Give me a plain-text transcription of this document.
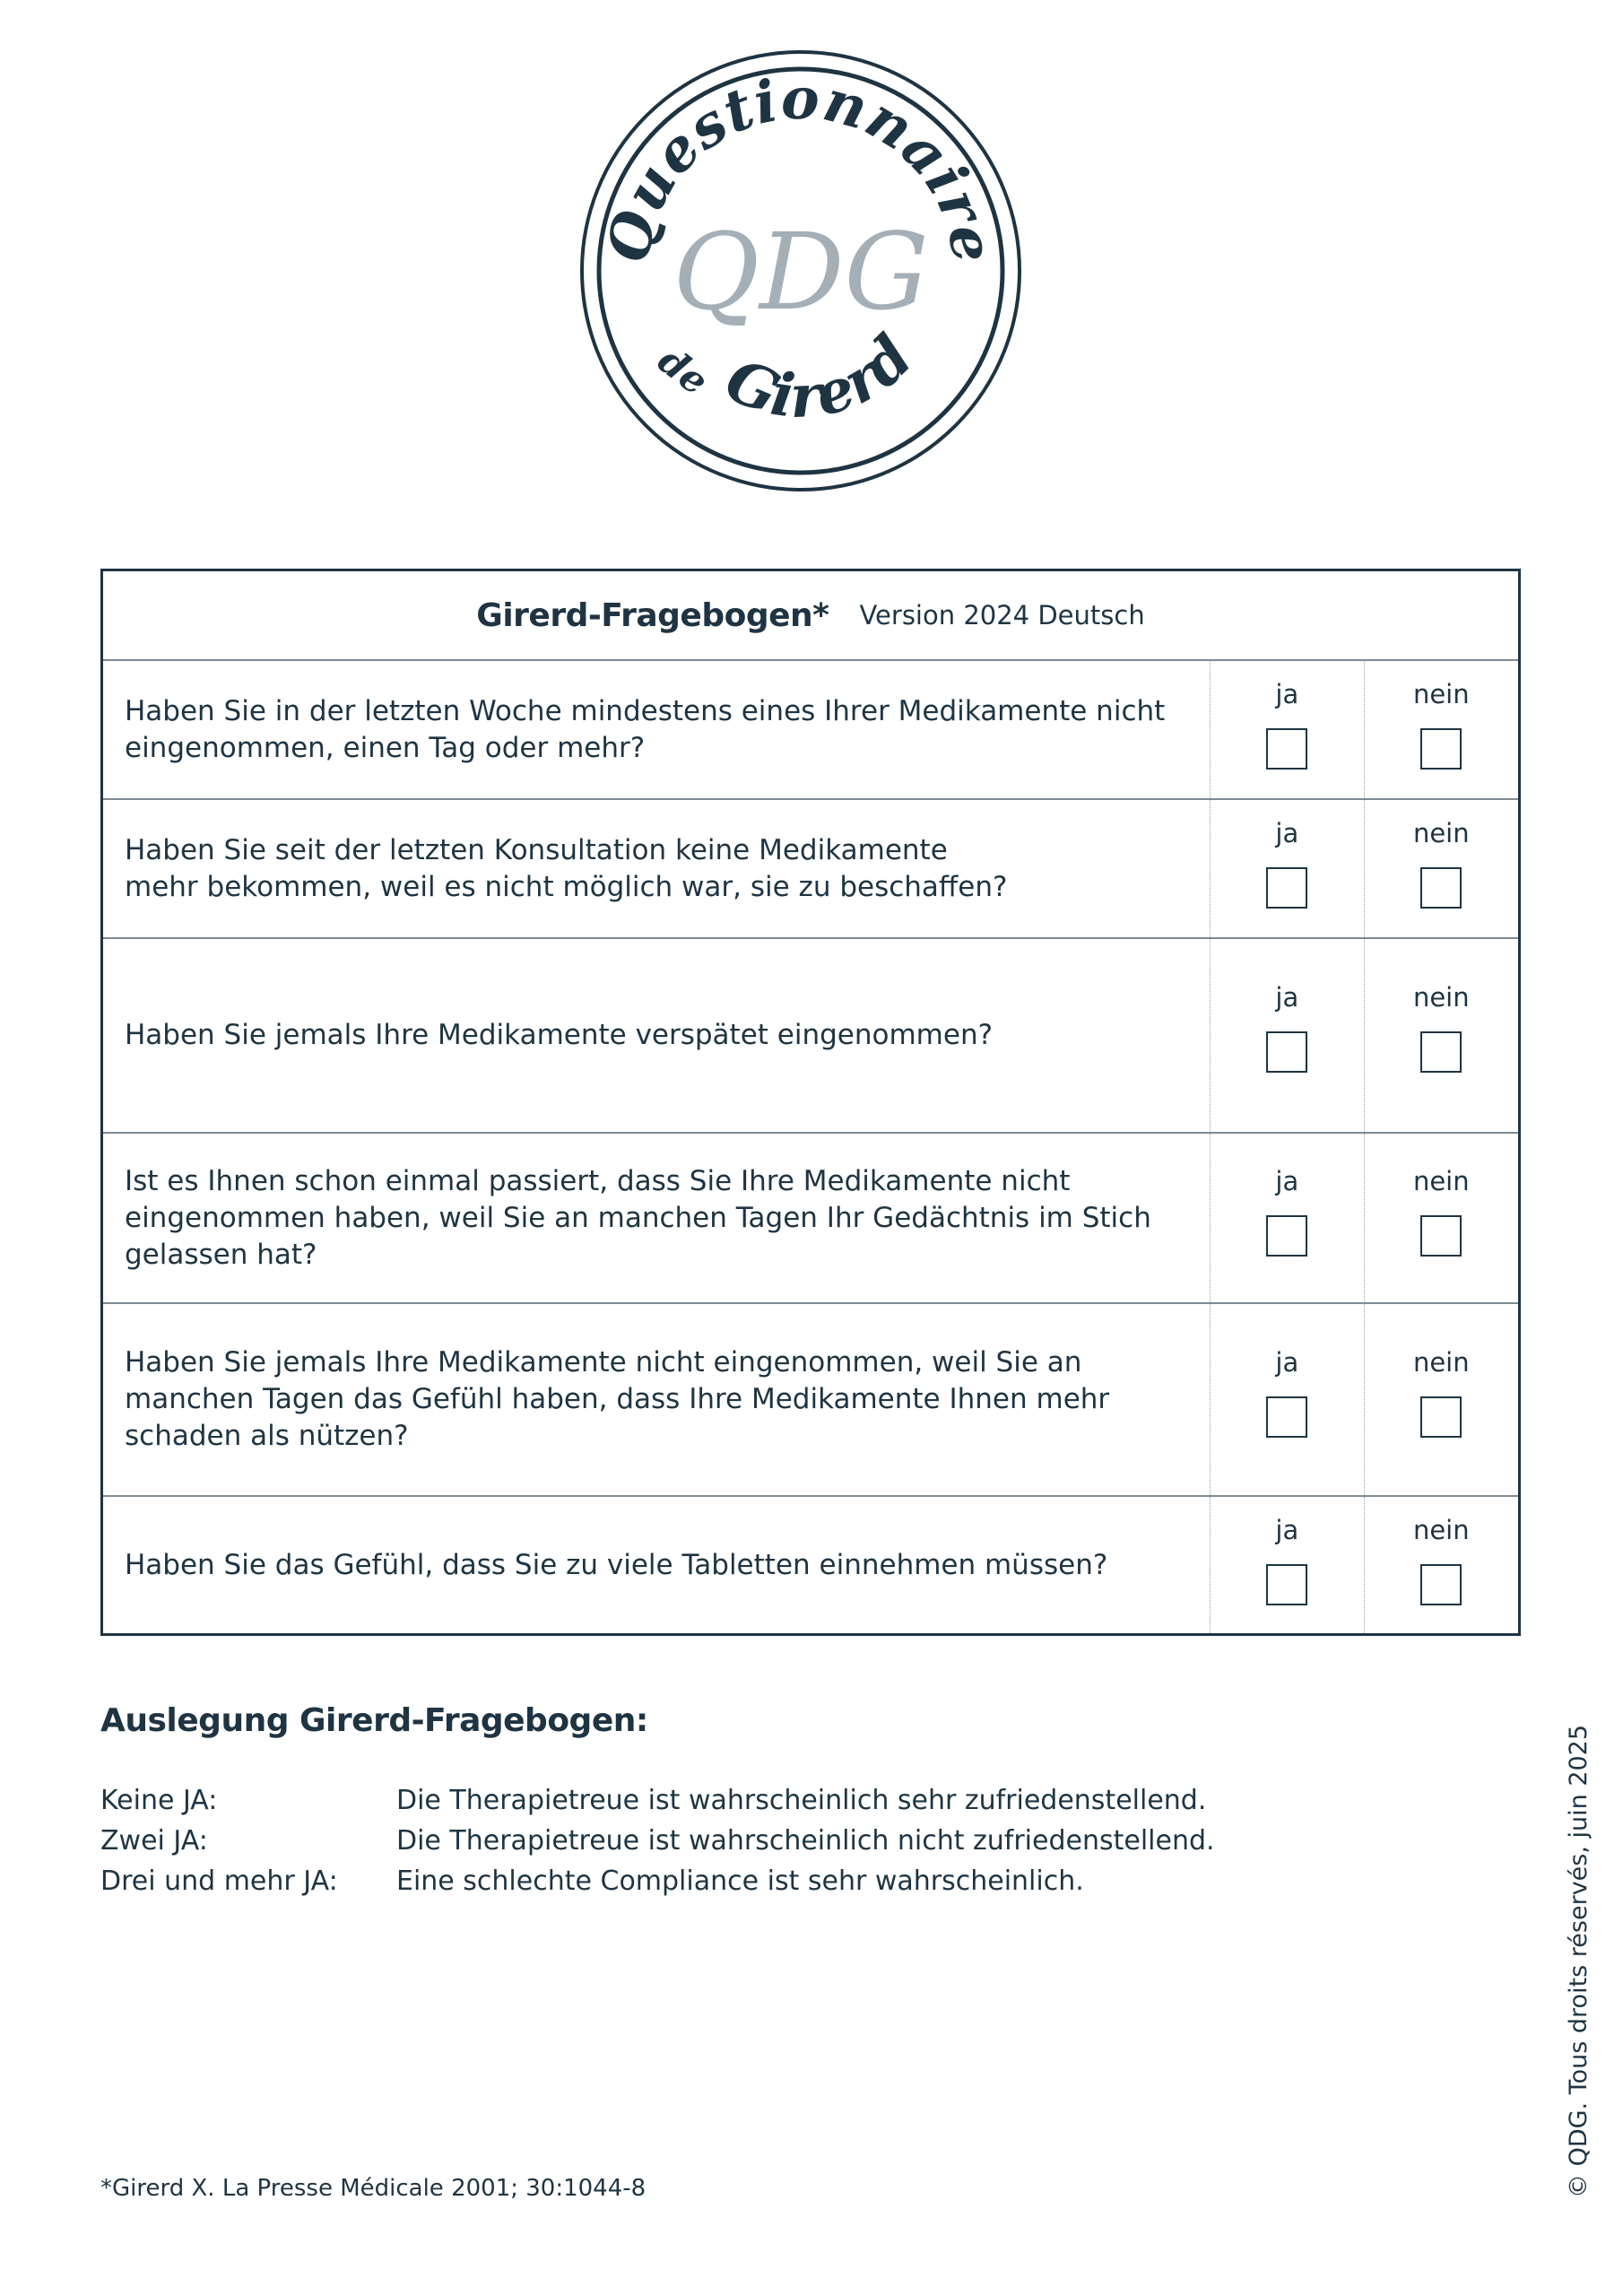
Questionnaire
QDG
de Girerd
Girerd-Fragebogen* Version 2024 Deutsch
Haben Sie in der letzten Woche mindestens eines Ihrer Medikamente nicht eingenommen, einen Tag oder mehr?
ja	nein
Haben Sie seit der letzten Konsultation keine Medikamente
mehr bekommen, weil es nicht möglich war, sie zu beschaffen?
ja	nein
Haben Sie jemals Ihre Medikamente verspätet eingenommen?
ja	nein
Ist es Ihnen schon einmal passiert, dass Sie Ihre Medikamente nicht eingenommen haben, weil Sie an manchen Tagen Ihr Gedächtnis im Stich gelassen hat?
ja	nein
Haben Sie jemals Ihre Medikamente nicht eingenommen, weil Sie an manchen Tagen das Gefühl haben, dass Ihre Medikamente Ihnen mehr schaden als nützen?
ja	nein
Haben Sie das Gefühl, dass Sie zu viele Tabletten einnehmen müssen?
ja	nein
Auslegung Girerd-Fragebogen:
Keine JA:	Die Therapietreue ist wahrscheinlich sehr zufriedenstellend.
Zwei JA:	Die Therapietreue ist wahrscheinlich nicht zufriedenstellend.
Drei und mehr JA:	Eine schlechte Compliance ist sehr wahrscheinlich.
*Girerd X. La Presse Médicale 2001; 30:1044-8	© QDG. Tous droits réservés, juin 2025
